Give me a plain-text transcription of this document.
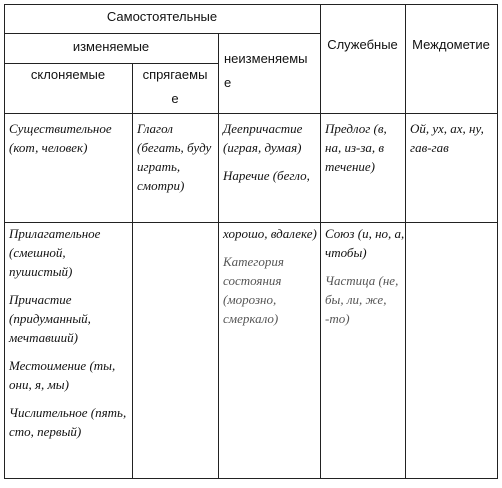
Самостоятельные
изменяемые
склоняемые	спрягаемые
неизменяемые
Служебные Междометие

Существительное (кот, человек)

Глагол (бегать, буду играть, смотри)

Деепричастие (играя, думая)

Наречие (бегло,

Предлог (в, на, из-за, в течение)

Ой, ух, ах, ну, гав-гав

Прилагательное (смешной, пушистый)

Причастие (придуманный, мечтавший)

Местоимение (ты, они, я, мы)

Числительное (пять, сто, первый)

хорошо, вдалеке)

Категория состояния (морозно, смеркало)

Союз (и, но, а, чтобы)

Частица (не, бы, ли, же, -то)
